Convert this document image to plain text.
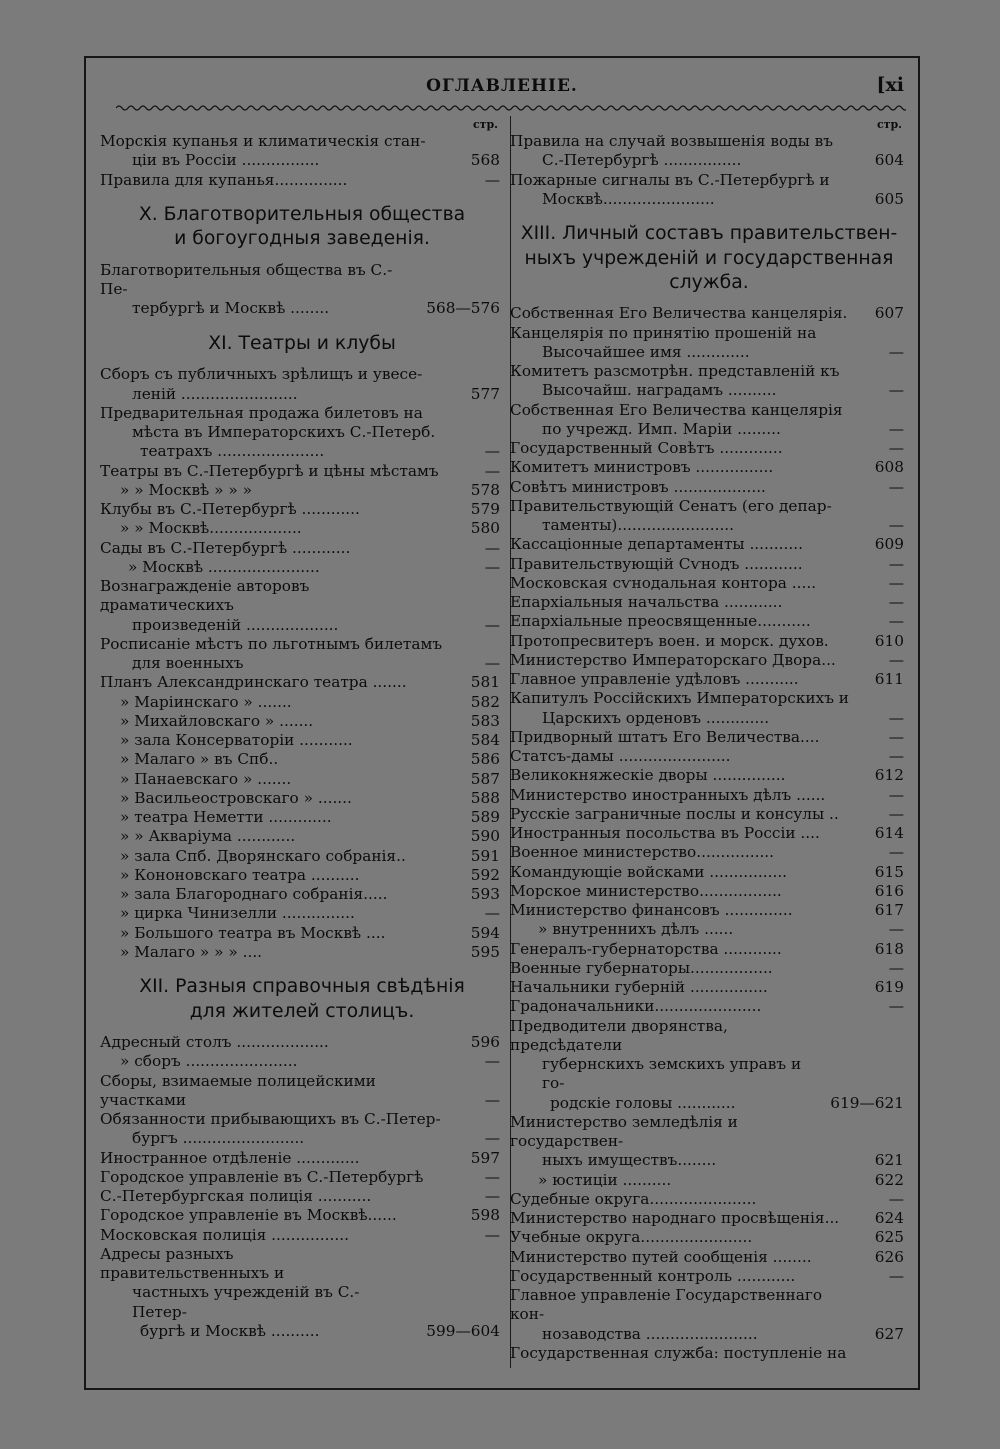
ОГЛАВЛЕНІЕ.	[xi
стр.
Морскія купанья и климатическія стан-
ціи въ Россіи ................	568
Правила для купанья...............	—
X. Благотворительныя общества
и богоугодныя заведенія.
Благотворительныя общества въ С.-Пе-
тербургѣ и Москвѣ ........	568—576
XI. Театры и клубы
Сборъ съ публичныхъ зрѣлищъ и увесе-
леній ........................	577
Предварительная продажа билетовъ на
мѣста въ Императорскихъ С.-Петерб.
театрахъ ......................	—
Театры въ С.-Петербургѣ и цѣны мѣстамъ	—
» » Москвѣ » » »	578
Клубы въ С.-Петербургѣ ............	579
» » Москвѣ...................	580
Сады въ С.-Петербургѣ ............	—
» Москвѣ .......................	—
Вознагражденіе авторовъ драматическихъ
произведеній ...................	—
Росписаніе мѣстъ по льготнымъ билетамъ
для военныхъ	—
Планъ Александринскаго театра .......	581
» Маріинскаго » .......	582
» Михайловскаго » .......	583
» зала Консерваторіи ...........	584
» Малаго » въ Спб..	586
» Панаевскаго » .......	587
» Васильеостровскаго » .......	588
» театра Неметти .............	589
» » Акваріума ............	590
» зала Спб. Дворянскаго собранія..	591
» Кононовскаго театра ..........	592
» зала Благороднаго собранія.....	593
» цирка Чинизелли ...............	—
» Большого театра въ Москвѣ ....	594
» Малаго » » » ....	595
XII. Разныя справочныя свѣдѣнія
для жителей столицъ.
Адресный столъ ...................	596
» сборъ .......................	—
Сборы, взимаемые полицейскими участками	—
Обязанности прибывающихъ въ С.-Петер-
бургъ .........................	—
Иностранное отдѣленіе .............	597
Городское управленіе въ С.-Петербургѣ	—
С.-Петербургская полиція ...........	—
Городское управленіе въ Москвѣ......	598
Московская полиція ................	—
Адресы разныхъ правительственныхъ и
частныхъ учрежденій въ С.-Петер-
бургѣ и Москвѣ ..........	599—604
стр.
Правила на случай возвышенія воды въ
С.-Петербургѣ ................	604
Пожарные сигналы въ С.-Петербургѣ и
Москвѣ.......................	605
XIII. Личный составъ правительствен-
ныхъ учрежденій и государственная
служба.
Собственная Его Величества канцелярія. 607
Канцелярія по принятію прошеній на
Высочайшее имя .............	—
Комитетъ разсмотрѣн. представленій къ
Высочайш. наградамъ ..........	—
Собственная Его Величества канцелярія
по учрежд. Имп. Маріи .........	—
Государственный Совѣтъ .............	—
Комитетъ министровъ ................	608
Совѣтъ министровъ ...................	—
Правительствующій Сенатъ (его депар-
таменты)........................	—
Кассаціонные департаменты ...........	609
Правительствующій Сѵнодъ ............	—
Московская сѵнодальная контора .....	—
Епархіальныя начальства ............	—
Епархіальные преосвященные...........	—
Протопресвитеръ воен. и морск. духов.	610
Министерство Императорскаго Двора...	—
Главное управленіе удѣловъ ...........	611
Капитулъ Россійскихъ Императорскихъ и
Царскихъ орденовъ .............	—
Придворный штатъ Его Величества....	—
Статсъ-дамы .......................	—
Великокняжескіе дворы ...............	612
Министерство иностранныхъ дѣлъ ......	—
Русскіе заграничные послы и консулы ..	—
Иностранныя посольства въ Россіи ....	614
Военное министерство................	—
Командующіе войсками ................	615
Морское министерство.................	616
Министерство финансовъ ..............	617
» внутреннихъ дѣлъ ......	—
Генералъ-губернаторства ............	618
Военные губернаторы.................	—
Начальники губерній ................	619
Градоначальники......................	—
Предводители дворянства, предсѣдатели
губернскихъ земскихъ управъ и го-
родскіе головы ............	619—621
Министерство земледѣлія и государствен-
ныхъ имуществъ........	621
» юстиціи ..........	622
Судебные округа......................	—
Министерство народнаго просвѣщенія...	624
Учебные округа.......................	625
Министерство путей сообщенія ........	626
Государственный контроль ............	—
Главное управленіе Государственнаго кон-
нозаводства .......................	627
Государственная служба: поступленіе на
